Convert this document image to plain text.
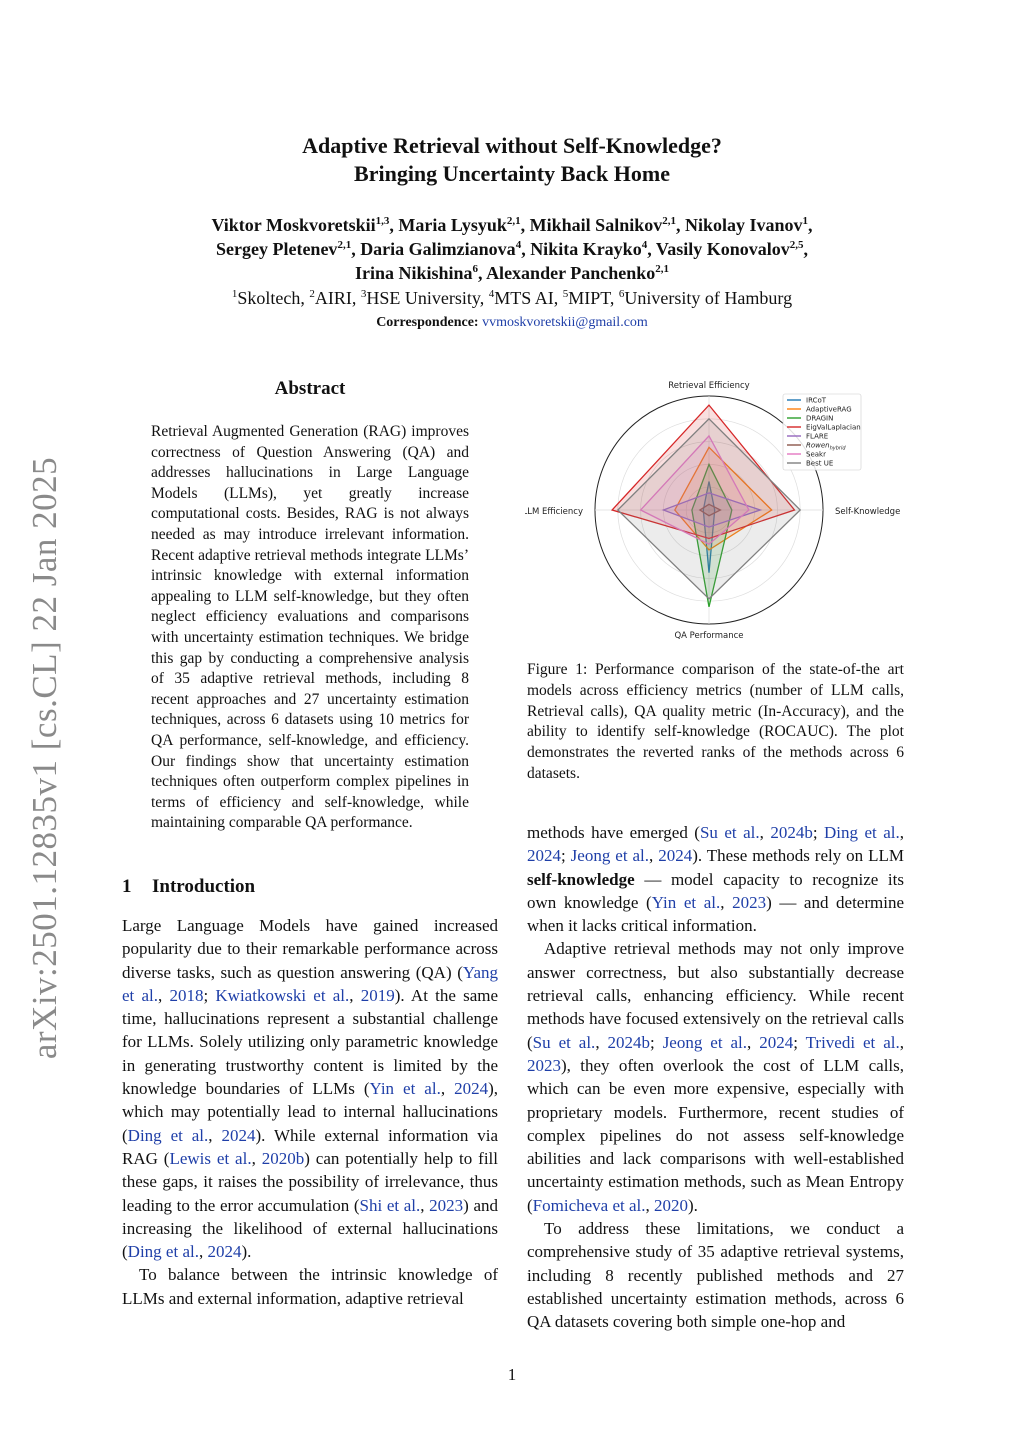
arXiv:2501.12835v1 [cs.CL] 22 Jan 2025
Adaptive Retrieval without Self-Knowledge?
Bringing Uncertainty Back Home
Viktor Moskvoretskii$^{1,3}$, Maria Lysyuk$^{2,1}$, Mikhail Salnikov$^{2,1}$, Nikolay Ivanov$^1$,
Sergey Pletenev$^{2,1}$, Daria Galimzianova$^4$, Nikita Krayko$^4$, Vasily Konovalov$^{2,5}$,
Irina Nikishina$^6$, Alexander Panchenko$^{2,1}$
$^1$Skoltech, $^2$AIRI, $^3$HSE University, $^4$MTS AI, $^5$MIPT, $^6$University of Hamburg
Correspondence: vvmoskvoretskii@gmail.com
Abstract
Retrieval Augmented Generation (RAG) improves correctness of Question Answering (QA) and addresses hallucinations in Large Language Models (LLMs), yet greatly increase computational costs. Besides, RAG is not always needed as may introduce irrelevant information. Recent adaptive retrieval methods integrate LLMs’ intrinsic knowledge with external information appealing to LLM self-knowledge, but they often neglect efficiency evaluations and comparisons with uncertainty estimation techniques. We bridge this gap by conducting a comprehensive analysis of 35 adaptive retrieval methods, including 8 recent approaches and 27 uncertainty estimation techniques, across 6 datasets using 10 metrics for QA performance, self-knowledge, and efficiency. Our findings show that uncertainty estimation techniques often outperform complex pipelines in terms of efficiency and self-knowledge, while maintaining comparable QA performance.
1 Introduction

Large Language Models have gained increased popularity due to their remarkable performance across diverse tasks, such as question answering (QA) (Yang et al., 2018; Kwiatkowski et al., 2019). At the same time, hallucinations represent a substantial challenge for LLMs. Solely utilizing only parametric knowledge in generating trustworthy content is limited by the knowledge boundaries of LLMs (Yin et al., 2024), which may potentially lead to internal hallucinations (Ding et al., 2024). While external information via RAG (Lewis et al., 2020b) can potentially help to fill these gaps, it raises the possibility of irrelevance, thus leading to the error accumulation (Shi et al., 2023) and increasing the likelihood of external hallucinations (Ding et al., 2024).

To balance between the intrinsic knowledge of LLMs and external information, adaptive retrieval

methods have emerged (Su et al., 2024b; Ding et al., 2024; Jeong et al., 2024). These methods rely on LLM self-knowledge — model capacity to recognize its own knowledge (Yin et al., 2023) — and determine when it lacks critical information.

Adaptive retrieval methods may not only improve answer correctness, but also substantially decrease retrieval calls, enhancing efficiency. While recent methods have focused extensively on the retrieval calls (Su et al., 2024b; Jeong et al., 2024; Trivedi et al., 2023), they often overlook the cost of LLM calls, which can be even more expensive, especially with proprietary models. Furthermore, recent studies of complex pipelines do not assess self-knowledge abilities and lack comparisons with well-established uncertainty estimation methods, such as Mean Entropy (Fomicheva et al., 2020).

To address these limitations, we conduct a comprehensive study of 35 adaptive retrieval systems, including 8 recently published methods and 27 established uncertainty estimation methods, across 6 QA datasets covering both simple one-hop and

Retrieval Efficiency
Self-Knowledge
QA Performance
LLM Efficiency
IRCoT
AdaptiveRAG
DRAGIN
EigValLaplacian
FLARE
Rowen$_{hybrid}$
Seakr
Best UE
Figure 1: Performance comparison of the state-of-the art models across efficiency metrics (number of LLM calls, Retrieval calls), QA quality metric (In-Accuracy), and the ability to identify self-knowledge (ROCAUC). The plot demonstrates the reverted ranks of the methods across 6 datasets.
1
